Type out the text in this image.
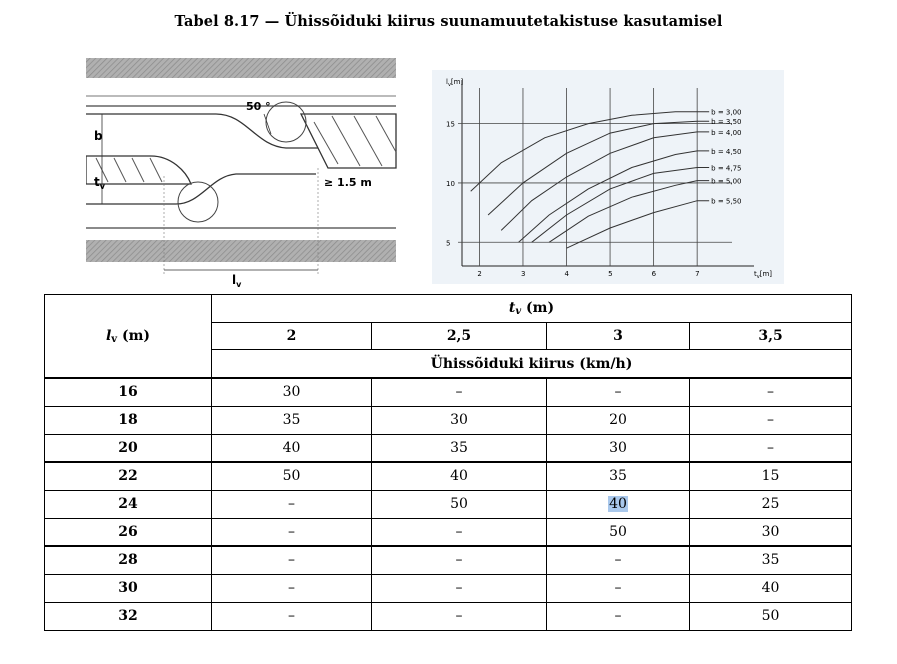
Tabel 8.17 — Ühissõiduki kiirus suunamuutetakistuse kasutamisel
b
$t_v$
50 °
≥ 1.5 m
$l_v$
2	3	4	5	6	7
5
10
15
b = 3,00
b = 3,50
b = 4,00
b = 4,50
b = 4,75
b = 5,00
b = 5,50
$l_v[m]$
$t_v[m]$
$l_v$ (m)	$t_v$ (m)			
	2	2,5	3	3,5
	Ühissõiduki kiirus (km/h)			
16	30	–	–	–
18	35	30	20	–
20	40	35	30	–
22	50	40	35	15
24	–	50	40	25
26	–	–	50	30
28	–	–	–	35
30	–	–	–	40
32	–	–	–	50
